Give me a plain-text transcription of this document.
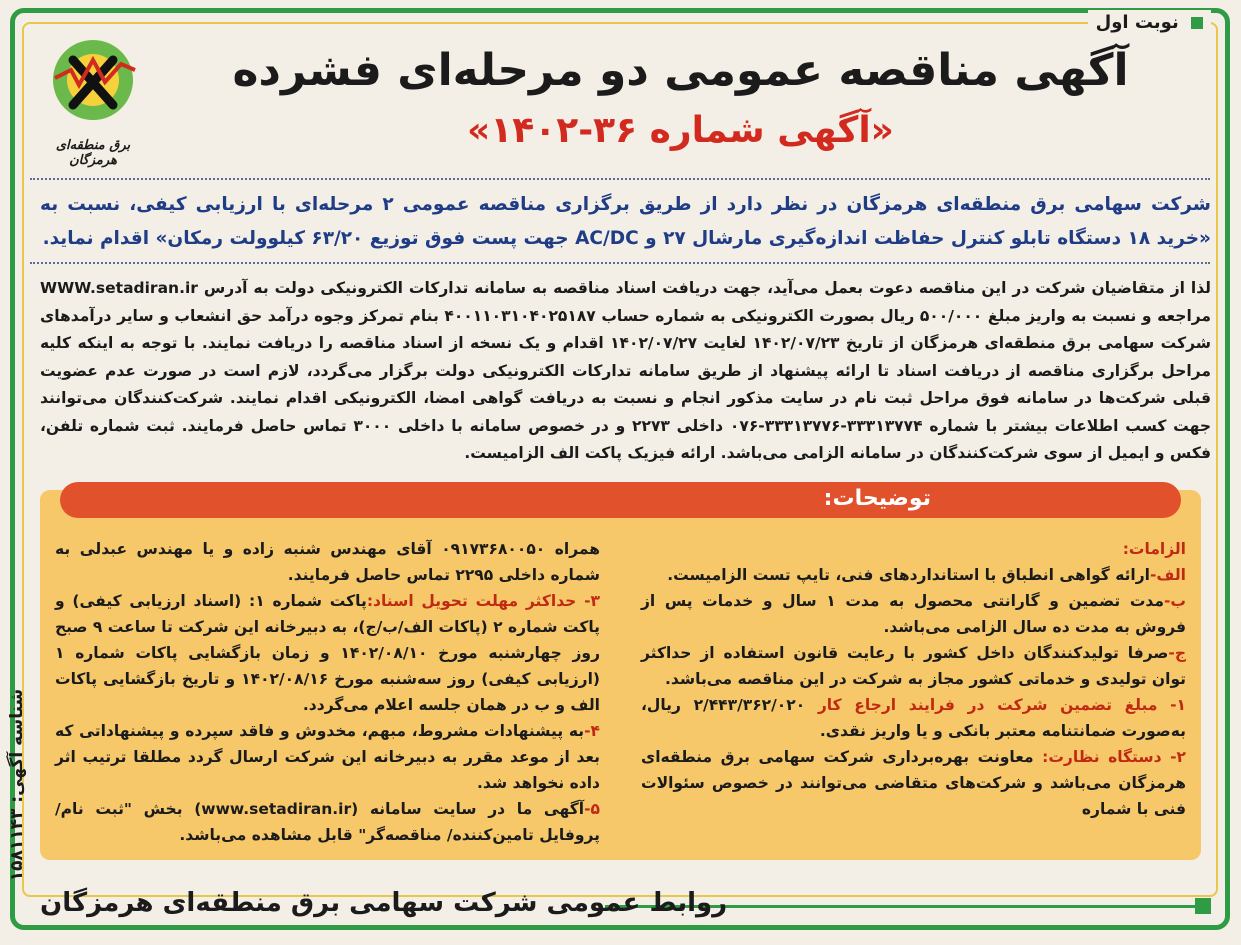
نوبت اول
برق منطقه‌ای هرمزگان
آگهی مناقصه عمومی دو مرحله‌ای فشرده
«آگهی شماره ۳۶-۱۴۰۲»
شرکت سهامی برق منطقه‌ای هرمزگان در نظر دارد از طریق برگزاری مناقصه عمومی ۲ مرحله‌ای با ارزیابی کیفی، نسبت به «خرید ۱۸ دستگاه تابلو کنترل حفاظت اندازه‌گیری مارشال ۲۷ و AC/DC جهت پست فوق توزیع ۶۳/۲۰ کیلوولت رمکان» اقدام نماید.
لذا از متقاضیان شرکت در این مناقصه دعوت بعمل می‌آید، جهت دریافت اسناد مناقصه به سامانه تدارکات الکترونیکی دولت به آدرس WWW.setadiran.ir مراجعه و نسبت به واریز مبلغ ۵۰۰/۰۰۰ ریال بصورت الکترونیکی به شماره حساب ۴۰۰۱۱۰۳۱۰۴۰۲۵۱۸۷ بنام تمرکز وجوه درآمد حق انشعاب و سایر درآمدهای شرکت سهامی برق منطقه‌ای هرمزگان از تاریخ ۱۴۰۲/۰۷/۲۳ لغایت ۱۴۰۲/۰۷/۲۷ اقدام و یک نسخه از اسناد مناقصه را دریافت نمایند. با توجه به اینکه کلیه مراحل برگزاری مناقصه از دریافت اسناد تا ارائه پیشنهاد از طریق سامانه تدارکات الکترونیکی دولت برگزار می‌گردد، لازم است در صورت عدم عضویت قبلی شرکت‌ها در سامانه فوق مراحل ثبت نام در سایت مذکور انجام و نسبت به دریافت گواهی امضا، الکترونیکی اقدام نمایند. شرکت‌کنندگان می‌توانند جهت کسب اطلاعات بیشتر با شماره ۳۳۳۱۳۷۷۴-۳۳۳۱۳۷۷۶-۰۷۶ داخلی ۲۲۷۳ و در خصوص سامانه با داخلی ۳۰۰۰ تماس حاصل فرمایند. ثبت شماره تلفن، فکس و ایمیل از سوی شرکت‌کنندگان در سامانه الزامی می‌باشد. ارائه فیزیک پاکت الف الزامیست.
توضیحات:
الزامات:
الف-ارائه گواهی انطباق با استانداردهای فنی، تایپ تست الزامیست.
ب-مدت تضمین و گارانتی محصول به مدت ۱ سال و خدمات پس از فروش به مدت ده سال الزامی می‌باشد.
ج-صرفا تولیدکنندگان داخل کشور با رعایت قانون استفاده از حداکثر توان تولیدی و خدماتی کشور مجاز به شرکت در این مناقصه می‌باشد.
۱- مبلغ تضمین شرکت در فرایند ارجاع کار ۲/۴۴۳/۳۶۲/۰۲۰ ریال، به‌صورت ضمانتنامه معتبر بانکی و یا واریز نقدی.
۲- دستگاه نظارت: معاونت بهره‌برداری شرکت سهامی برق منطقه‌ای هرمزگان می‌باشد و شرکت‌های متقاضی می‌توانند در خصوص سئوالات فنی با شماره
همراه ۰۹۱۷۳۶۸۰۰۵۰ آقای مهندس شنبه زاده و یا مهندس عبدلی به شماره داخلی ۲۲۹۵ تماس حاصل فرمایند.
۳- حداکثر مهلت تحویل اسناد:پاکت شماره ۱: (اسناد ارزیابی کیفی) و پاکت شماره ۲ (پاکات الف/ب/ج)، به دبیرخانه این شرکت تا ساعت ۹ صبح روز چهارشنبه مورخ ۱۴۰۲/۰۸/۱۰ و زمان بازگشایی پاکات شماره ۱ (ارزیابی کیفی) روز سه‌شنبه مورخ ۱۴۰۲/۰۸/۱۶ و تاریخ بازگشایی پاکات الف و ب در همان جلسه اعلام می‌گردد.
۴-به پیشنهادات مشروط، مبهم، مخدوش و فاقد سپرده و پیشنهاداتی که بعد از موعد مقرر به دبیرخانه این شرکت ارسال گردد مطلقا ترتیب اثر داده نخواهد شد.
۵-آگهی ما در سایت سامانه (www.setadiran.ir) بخش "ثبت نام/ پروفایل تامین‌کننده/ مناقصه‌گر" قابل مشاهده می‌باشد.
شناسه آگهی: ۱۵۸۱۱۴۳
روابط عمومی شرکت سهامی برق منطقه‌ای هرمزگان
